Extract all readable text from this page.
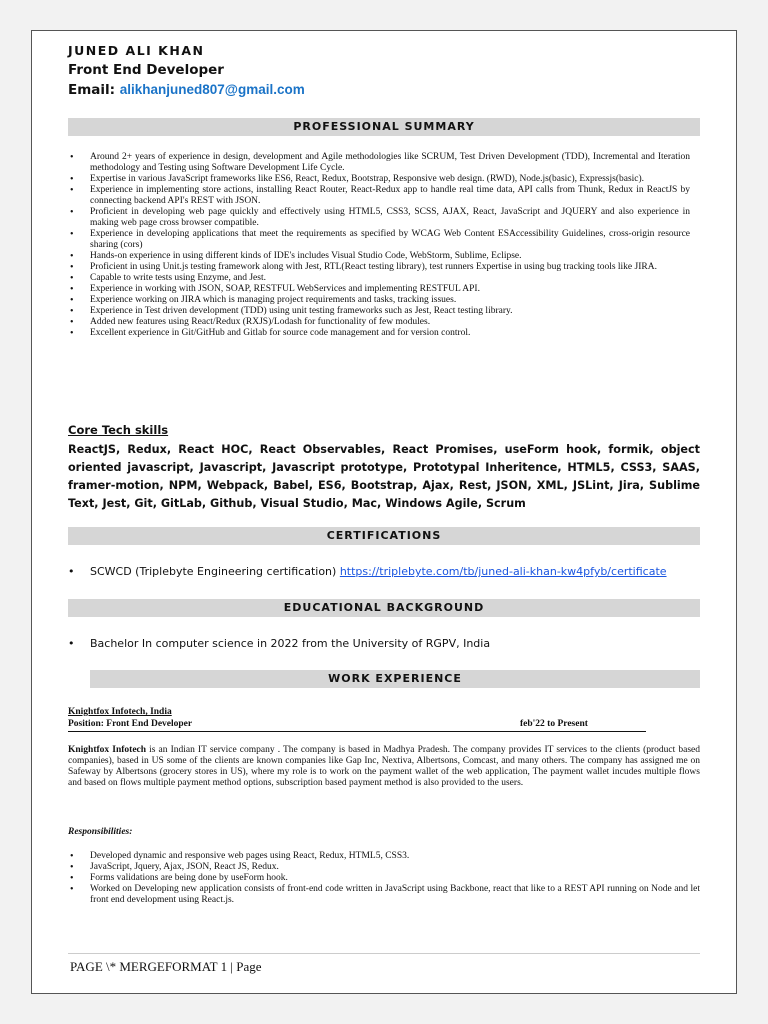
JUNED ALI KHAN
Front End Developer
Email: alikhanjuned807@gmail.com
PROFESSIONAL SUMMARY
• Around 2+ years of experience in design, development and Agile methodologies like SCRUM, Test Driven Development (TDD), Incremental and Iteration methodology and Testing using Software Development Life Cycle.
• Expertise in various JavaScript frameworks like ES6, React, Redux, Bootstrap, Responsive web design. (RWD), Node.js(basic), Expressjs(basic).
• Experience in implementing store actions, installing React Router, React-Redux app to handle real time data, API calls from Thunk, Redux in ReactJS by connecting backend API's REST with JSON.
• Proficient in developing web page quickly and effectively using HTML5, CSS3, SCSS, AJAX, React, JavaScript and JQUERY and also experience in making web page cross browser compatible.
• Experience in developing applications that meet the requirements as specified by WCAG Web Content ESAccessibility Guidelines, cross-origin resource sharing (cors)
• Hands-on experience in using different kinds of IDE's includes Visual Studio Code, WebStorm, Sublime, Eclipse.
• Proficient in using Unit.js testing framework along with Jest, RTL(React testing library), test runners Expertise in using bug tracking tools like JIRA.
• Capable to write tests using Enzyme, and Jest.
• Experience in working with JSON, SOAP, RESTFUL WebServices and implementing RESTFUL API.
• Experience working on JIRA which is managing project requirements and tasks, tracking issues.
• Experience in Test driven development (TDD) using unit testing frameworks such as Jest, React testing library.
• Added new features using React/Redux (RXJS)/Lodash for functionality of few modules.
• Excellent experience in Git/GitHub and Gitlab for source code management and for version control.
Core Tech skills
ReactJS, Redux, React HOC, React Observables, React Promises, useForm hook, formik, object oriented javascript, Javascript, Javascript prototype, Prototypal Inheritence, HTML5, CSS3, SAAS, framer-motion, NPM, Webpack, Babel, ES6, Bootstrap, Ajax, Rest, JSON, XML, JSLint, Jira, Sublime Text, Jest, Git, GitLab, Github, Visual Studio, Mac, Windows Agile, Scrum
CERTIFICATIONS
• SCWCD (Triplebyte Engineering certification) https://triplebyte.com/tb/juned-ali-khan-kw4pfyb/certificate
EDUCATIONAL BACKGROUND
• Bachelor In computer science in 2022 from the University of RGPV, India
WORK EXPERIENCE
Knightfox Infotech, India
Position: Front End Developer	feb'22 to Present
Knightfox Infotech is an Indian IT service company . The company is based in Madhya Pradesh. The company provides IT services to the clients (product based companies), based in US some of the clients are known companies like Gap Inc, Nextiva, Albertsons, Comcast, and many others. The company has assigned me on Safeway by Albertsons (grocery stores in US), where my role is to work on the payment wallet of the web application, The payment wallet incudes multiple flows and based on flows multiple payment method options, subscription based payment method is also provided to the users.
Responsibilities:
• Developed dynamic and responsive web pages using React, Redux, HTML5, CSS3.
• JavaScript, Jquery, Ajax, JSON, React JS, Redux.
• Forms validations are being done by useForm hook.
• Worked on Developing new application consists of front-end code written in JavaScript using Backbone, react that like to a REST API running on Node and let front end development using React.js.
PAGE \* MERGEFORMAT 1 | Page
